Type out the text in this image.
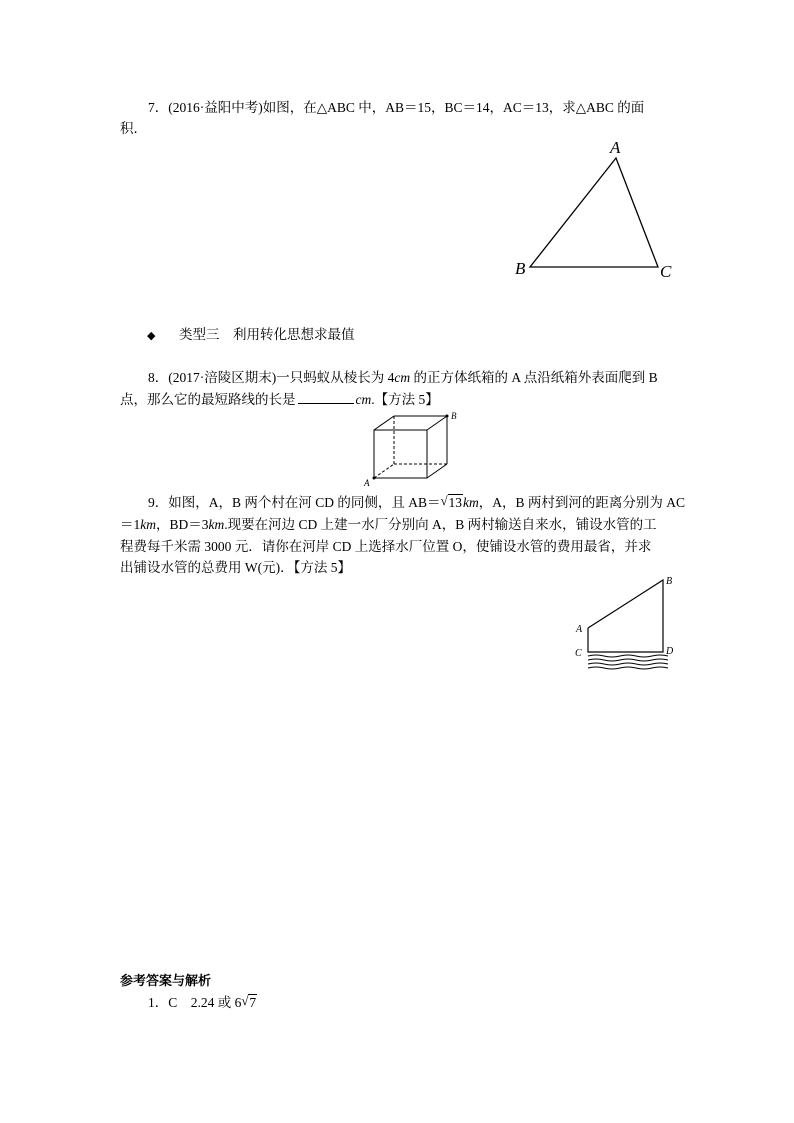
7．(2016·益阳中考)如图，在△ABC 中，AB＝15，BC＝14，AC＝13，求△ABC 的面
积．
A
B	C
◆ 类型三　利用转化思想求最值
8．(2017·涪陵区期末)一只蚂蚁从棱长为 4cm 的正方体纸箱的 A 点沿纸箱外表面爬到 B
点，那么它的最短路线的长是	cm.【方法 5】
A
B
9．如图，A，B 两个村在河 CD 的同侧，且 AB＝ √ 13km，A，B 两村到河的距离分别为 AC
＝1km，BD＝3km.现要在河边 CD 上建一水厂分别向 A，B 两村输送自来水，铺设水管的工
程费每千米需 3000 元．请你在河岸 CD 上选择水厂位置 O，使铺设水管的费用最省，并求
出铺设水管的总费用 W(元)．【方法 5】
A
B
C	D
参考答案与解析
1．C　2.24 或 6 √ 7
